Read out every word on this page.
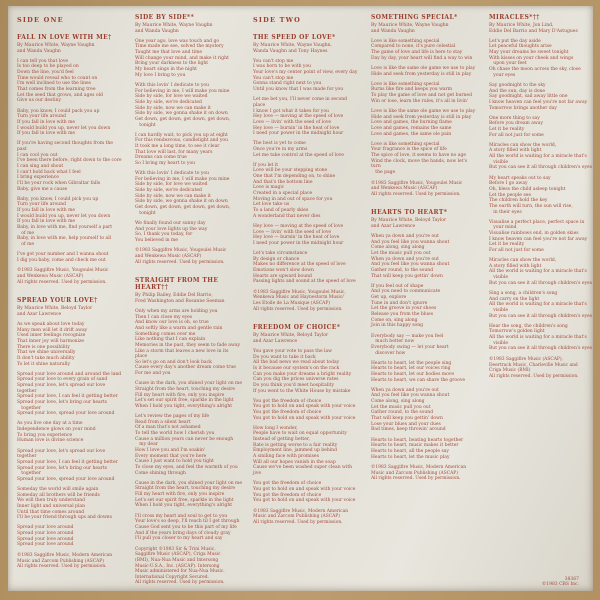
SIDE ONE
FALL IN LOVE WITH ME†

By Maurice White, Wayne Vaughn
and Wanda Vaughn

I can tell you that love
Is too deep to be played on
Down the line, you'd feel
Time would reveal who to count on
I'm well inclined to use the lines
That comes from the learning tree
Let the seed that grows, and ages old
Give us our destiny
Baby, you know, I could pack you up
Turn your life around
If you fall in love with me
I would build you up, never let you down
If you fall in love with me
If you're having second thoughts from the past
I can cool you out
I've been there before, right down to the core
I can sing and shout
I can't hold back what I feel
I bring experience
I'll be your rock when Gibraltar falls
Baby, give me a cause
Baby, you know, I could pick you up
Turn your life around
If you fall in love with me
I would build you up, never let you down
If you fall in love with me
Baby, in love with me, find yourself a part
of me
Baby, in love with me, help yourself to all
of me
I've got your number and I wanna shout
I dig you baby, come and check me out

©1983 Saggifire Music, Yougoulei Music
and Wenkewa Music (ASCAP)
All rights reserved. Used by permission.

SPREAD YOUR LOVE†

By Maurice White, Beloyd Taylor
and Azar Lawrence

As we speak about love today
Many men will let it drift away
Used inner feelings recognize
That inner joy will harmonize
There is one possibility
That we shine universally
It don't take much ability
To let it shine naturally
Spread your love around and around the land
Spread your love to every grain of sand
Spread your love, let's spread our love together
Spread your love, I can feel it getting better
Spread your love, let's bring our hearts
together
Spread your love, spread your love around
As you live one day at a time
Independence glows on your mind
To bring you experience
Human love is divine science
Spread your love, let's spread our love together
Spread your love, I can feel it getting better
Spread your love, let's bring our hearts
together
Spread your love, spread your love around
Someday the world will smile again
Someday all brothers will be friends
We will then truly understand
Inner light and universal plan
Until that time comes around
I'll be your friend through ups and downs
Spread your love around
Spread your love around
Spread your love around
Spread your love around

©1983 Saggifire Music, Modern American
Music and Zarcom Publishing (ASCAP)
All rights reserved. Used by permission.

SIDE BY SIDE**

By Maurice White, Wayne Vaughn
and Wanda Vaughn

One year ago, love was touch and go
Time made me see, solved the mystery
Taught me that love and time
Will change your mind, and make it right
Bring your darkness to the light
My heart sings in the night
My love I bring to you
With this lovin' I dedicate to you
For believing in me, I will make you mine
Side by side, for love we waited
Side by side, we're dedicated
Side by side, now we can make it
Side by side, we gonna shake it on down
Get down, get down, get down, get down,
tonight
I can hardly wait, to pick you up at eight
For this rendezvous, candlelight and you
It took me a long time, to see it clear
That love will last, for many years
Dreams can come true
So I bring my heart to you
With this lovin' I dedicate to you
For believing in me, I will make you mine
Side by side, for love we waited
Side by side, we're dedicated
Side by side, now we can make it
Side by side, we gonna shake it on down
Get down, get down, get down, get down,
tonight
We finally found our sunny day
And your love lights up the way
So, I thank you today, for
You believed in me

©1983 Saggifire Music, Yougoulei Music
and Wenkewa Music (ASCAP)
All rights reserved. Used by permission.

STRAIGHT FROM THE HEART††

By Philip Bailey, Eddie Del Barrio,
Fred Washington and Rosanne Seeman

Only when my arms are holding you
Then I can close my eyes
And know our love is oh, so true
And softly like a warm and gentle rain
Something comes over me
Like nothing that I can explain
Memories in the past, they seem to fade away
Like a storm that leaves a new love in its place
So let's go on and don't look back
Cause every day's another dream come true
For me and you
Cause in the dark, you shined your light on me
Straight from the heart, touching my desire
Fill my heart with fire, only you inspire
Let's set our spirit free, sparkle in the light
When I hold you tight, everything's alright
Let's review the pages of my life
Read from a silent heart
Of a man that's not ashamed
To tell the world how I cherish you
Cause a million years can never be enough
my dear
How I love you and I'm soakin'
Every moment that you're here
Cause I just want to hold you tight
To close my eyes, and feel the warmth of you
Come shining through
Cause in the dark, you shined your light on me
Straight from the heart, touching my desire
Fill my heart with fire, only you inspire
Let's set our spirit free, sparkle in the light
When I hold you tight, everything's alright
I'll cross my heart and soul to get to you
Your love's so deep, I'll reach til I get through
Cause God sent you to be this part of my life
And if the years bring days of cloudy gray
I'll pull you closer to my heart and say

Copyright ©1983 Sir & Trini Music,
Saggifire Music (ASCAP), Criga Music
(BMI), Nua-Nua Music and Intersong
Music-U.S.A., Inc. (ASCAP). Intersong
Music administered for Nua-Nua Music.
International Copyright Secured.
All rights reserved. Used by permission.

SIDE TWO
THE SPEED OF LOVE*

By Maurice White, Wayne Vaughn,
Wanda Vaughn and Tony Haynes

You can't stop me
I was born to be with you
Your love's my center point of view, every day
You can't stop me
Gonna stand right next to you
Until you know that I was made for you
Let me bet you, I'll never come in second place
I know I got what it takes for you
Hey love — moving at the speed of love
Love — livin' with the seed of love
Hey love — burnin' in the heat of love
I need your power in the midnight hour
The best is yet to come
Once you're in my arms
Let me take control at the speed of love
If you let it
Love will be your stepping stone
One that I'm depending on, to shine
And that's the bottom line
Love is magic
Created in a special place
Moving in and out of space for you
Let love take us
To a land of pearly skies
A wonderland that never dies
Hey love — moving at the speed of love
Love — livin' with the seed of love
Hey love — burnin' in the heat of love
I need your power in the midnight hour
Let's take circumstance
By design or chance
Makes no difference at the speed of love
Emotions won't slow down
Hearts are upward bound
Passing lights and sound at the speed of love

©1983 Saggifire Music, Yougoulei Music,
Wenkewa Music and Haynestorm Music/
Les Etoile de La Musique (ASCAP)
All rights reserved. Used by permission.

FREEDOM OF CHOICE*

By Maurice White, Beloyd Taylor
and Azar Lawrence

You gave your vote to pass the law
Do you want to take it back
All the bad news we read about today
Is it because our system's on the rack
Can you make your dreams a bright reality
Can you dig the prices universe rates
Do you think you'd meet hospitality
If you went to the White House by mistake
You got the freedom of choice
You got to hold on and speak with your voice
You got the freedom of choice
You got to hold on and speak with your voice
How long I wonder,
People have to wait on equal opportunity
Instead of getting better,
Rate is getting worse to a fair reality
Employment line, jammed up behind
A smiling face with promises
Will all our hopes vanish in the soap
Cause we've been washed super clean with jive
You got the freedom of choice
You got to hold on and speak with your voice
You got the freedom of choice
You got to hold on and speak with your voice

©1983 Saggifire Music, Modern American
Music and Zarcom Publishing (ASCAP)
All rights reserved. Used by permission.

SOMETHING SPECIAL*

By Maurice White, Wayne Vaughn
and Wanda Vaughn

Love is like something special
Compared to none, it's pure celestial
The game of love and life is here to stay
Day by day, your heart will find a way to win
Love is like the same ole game we use to play
Hide and seek from yesterday is still in play
Love is like something special
Burns like fire and keeps you warm
To play the game of love and not get burned
Win or lose, learn the rules, it's all in livin'
Love is like the same ole game we use to play
Hide and seek from yesterday is still in play
Love and games, the burning flame
Love and games, remains the same
Love and games, the same ole pain
Love is like something special
Your fragrance is the spice of life
The spice of love, it seems to have no age
Wind the clock, move the hands, now let's turn
the page

©1983 Saggifire Music, Yougoulei Music
and Wenkewa Music (ASCAP)
All rights reserved. Used by permission.

HEARTS TO HEART*

By Maurice White, Beloyd Taylor
and Azar Lawrence

When ya down and you're out
And you feel like you wanna shout
Come along, sing along
Let the music pull you out
When ya down and you're out
And you feel like you wanna shout
Gather round, to the sound
That will keep you gettin' down
If you feel out of shape
And you need to communicate
Get up, explore
Tune in and don't ignore
Let the groove in your shoes
Release you from the blues
Come on, sing along
Join in this happy song
Everybody say — make you feel
much better now
Everybody swing — let your heart
discover how
Hearts to heart, let the people sing
Hearts to heart, let our voices ring
Hearts to heart, let our bodies move
Hearts to heart, we can share the groove
When ya down and you're out
And you feel like you wanna shout
Come along, sing along
Let the music pull you out
Gather round, to the sound
That will keep you gettin' down
Lose your blues and your dues
Bad times, keep throwin' around
Hearts to heart, beating hearts together
Hearts to heart, music makes it better
Hearts to heart, all the people say
Hearts to heart, let the music play

©1983 Saggifire Music, Modern American
Music and Zarcom Publishing (ASCAP)
All rights reserved. Used by permission.

MIRACLES*††

By Maurice White, Jon Lind,
Eddie Del Barrio and Mary D'Astugues

Let's put the day aside
Let peaceful thoughts arise
May your dreams be sweet tonight
With kisses on your cheek and wings
upon your feet
Oh chase the moon across the sky, close
your eyes
Say goodnight to the sky
And the sun, day is done
Say goodnight, sail away little one
I know heaven can feel you're not far away
Tomorrow brings another day
One more thing to say
Before you dream away
Let it be reality
For all not just for some
Miracles can show the world,
A story filled with light
All the world is waiting for a miracle that's
visible
But you can see it all through children's eyes
My heart speaks out to say
Before I go away
Oh, bless the child asleep tonight
Let the people see
The children hold the key
The earth will turn, the sun will rise,
in their eyes
Visualise a perfect place, perfect space in
your mind
Visualise rainbows end, in golden skies
I know heaven can feel you're not far away
Let it be reality
For all not just for some
Miracles can show the world,
A story filled with light
All the world is waiting for a miracle that's
visible
But you can see it all through children's eyes
Sing a song, a children's song
And carry on the light
All the world is waiting for a miracle that's
visible
But you can see it all through children's eyes
Hear the song, the children's song
Tomorrow's golden light
All the world is waiting for a miracle that's
visible
But you can see it all through children's eyes

©1983 Saggifire Music (ASCAP),
Deertrack Music, Charleville Music and
Criga Music (BMI)
All rights reserved. Used by permission.

38367
©1983 CBS Inc.
